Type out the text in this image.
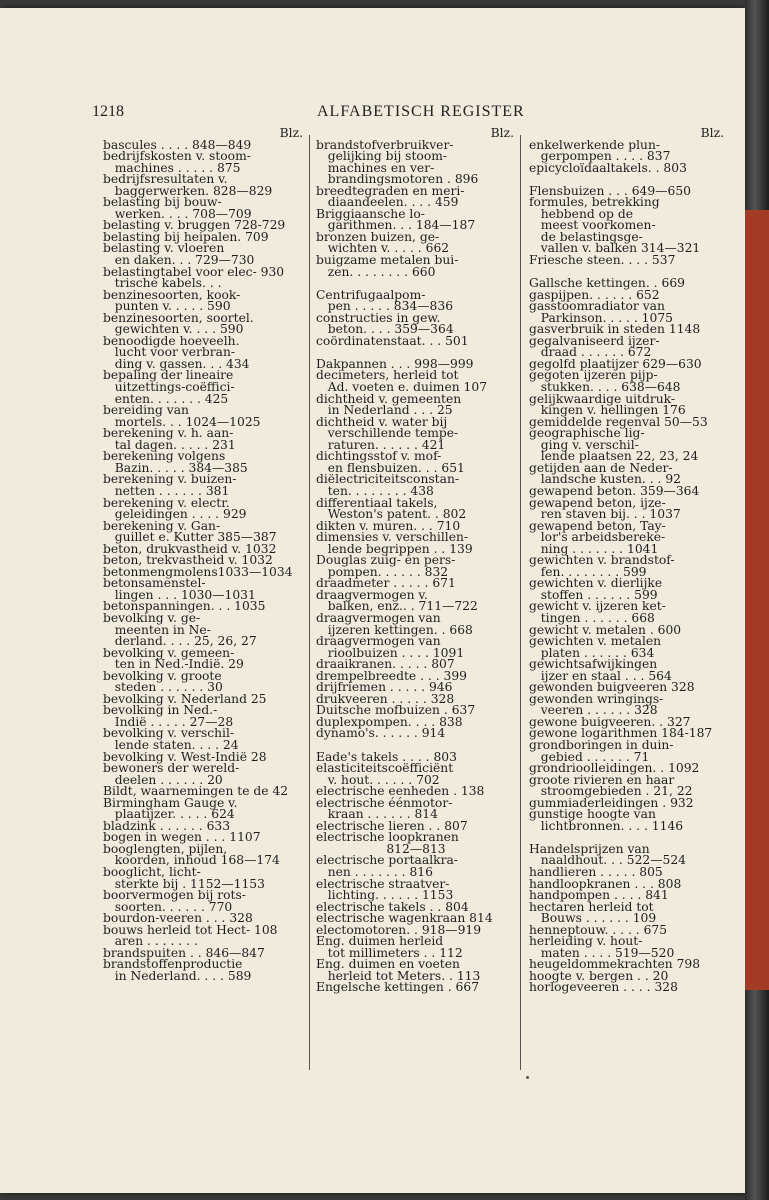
1218	ALFABETISCH REGISTER
Blz.
bascules . . . . 848—849
bedrijfskosten v. stoom-
machines . . . . . 875
bedrijfsresultaten v.
baggerwerken. 828—829
belasting bij bouw-
werken. . . . 708—709
belasting v. bruggen 728-729
belasting bij heipalen. 709
belasting v. vloeren
en daken. . . 729—730
belastingtabel voor elec- 930
trische kabels. . .
benzinesoorten, kook-
punten v. . . . . 590
benzinesoorten, soortel.
gewichten v. . . . 590
benoodigde hoeveelh.
lucht voor verbran-
ding v. gassen. . . 434
bepaling der lineaire
uitzettings-coëffici-
enten. . . . . . . 425
bereiding van
mortels. . . 1024—1025
berekening v. h. aan-
tal dagen. . . . . 231
berekening volgens
Bazin. . . . . 384—385
berekening v. buizen-
netten . . . . . . 381
berekening v. electr.
geleidingen . . . . 929
berekening v. Gan-
guillet e. Kutter 385—387
beton, drukvastheid v. 1032
beton, trekvastheid v. 1032
betonmengmolens1033—1034
betonsamenstel-
lingen . . . 1030—1031
betonspanningen. . . 1035
bevolking v. ge-
meenten in Ne-
derland. . . . 25, 26, 27
bevolking v. gemeen-
ten in Ned.-Indië. 29
bevolking v. groote
steden . . . . . . 30
bevolking v. Nederland 25
bevolking in Ned.-
Indië . . . . . 27—28
bevolking v. verschil-
lende staten. . . . 24
bevolking v. West-Indië 28
bewoners der wereld-
deelen . . . . . . 20
Bildt, waarnemingen te de 42
Birmingham Gauge v.
plaatijzer. . . . . 624
bladzink . . . . . . 633
bogen in wegen . . . 1107
booglengten, pijlen,
koorden, inhoud 168—174
booglicht, licht-
sterkte bij . 1152—1153
boorvermogen bij rots-
soorten. . . . . . 770
bourdon-veeren . . . 328
bouws herleid tot Hect- 108
aren . . . . . . .
brandspuiten . . 846—847
brandstoffenproductie
in Nederland. . . . 589
Blz.
brandstofverbruikver-
gelijking bij stoom-
machines en ver-
brandingsmotoren . 896
breedtegraden en meri-
diaandeelen. . . . 459
Briggiaansche lo-
garithmen. . . 184—187
bronzen buizen, ge-
wichten v. . . . . 662
buigzame metalen bui-
zen. . . . . . . . 660
Centrifugaalpom-
pen . . . . . 834—836
constructies in gew.
beton. . . . 359—364
coördinatenstaat. . . 501
Dakpannen . . . 998—999
decimeters, herleid tot
Ad. voeten e. duimen 107
dichtheid v. gemeenten
in Nederland . . . 25
dichtheid v. water bij
verschillende tempe-
raturen. . . . . . 421
dichtingsstof v. mof-
en flensbuizen. . . 651
diëlectriciteitsconstan-
ten. . . . . . . . 438
differentiaal takels,
Weston's patent. . 802
dikten v. muren. . . 710
dimensies v. verschillen-
lende begrippen . . 139
Douglas zuig- en pers-
pompen. . . . . . 832
draadmeter . . . . . 671
draagvermogen v.
balken, enz.. . 711—722
draagvermogen van
ijzeren kettingen. . 668
draagvermogen van
rioolbuizen . . . . 1091
draaikranen. . . . . 807
drempelbreedte . . . 399
drijfriemen . . . . . 946
drukveeren . . . . . 328
Duitsche mofbuizen . 637
duplexpompen. . . . 838
dynamo's. . . . . . 914
Eade's takels . . . . 803
elasticiteitscoëfficiënt
v. hout. . . . . . 702
electrische eenheden . 138
electrische éénmotor-
kraan . . . . . . 814
electrische lieren . . 807
electrische loopkranen
812—813
electrische portaalkra-
nen . . . . . . . 816
electrische straatver-
lichting. . . . . . 1153
electrische takels . . 804
electrische wagenkraan 814
electomotoren. . 918—919
Eng. duimen herleid
tot millimeters . . 112
Eng. duimen en voeten
herleid tot Meters. . 113
Engelsche kettingen . 667
Blz.
enkelwerkende plun-
gerpompen . . . . 837
epicycloïdaaltakels. . 803
Flensbuizen . . . 649—650
formules, betrekking
hebbend op de
meest voorkomen-
de belastingsge-
vallen v. balken 314—321
Friesche steen. . . . 537
Gallsche kettingen. . 669
gaspijpen. . . . . . 652
gasstoomradiator van
Parkinson. . . . . 1075
gasverbruik in steden 1148
gegalvaniseerd ijzer-
draad . . . . . . 672
gegolfd plaatijzer 629—630
gegoten ijzeren pijp-
stukken. . . . 638—648
gelijkwaardige uitdruk-
kingen v. hellingen 176
gemiddelde regenval 50—53
geographische lig-
ging v. verschil-
lende plaatsen 22, 23, 24
getijden aan de Neder-
landsche kusten. . . 92
gewapend beton. 359—364
gewapend beton, ijze-
ren staven bij. . . 1037
gewapend beton, Tay-
lor's arbeidsbereke-
ning . . . . . . . 1041
gewichten v. brandstof-
fen. . . . . . . . 599
gewichten v. dierlijke
stoffen . . . . . . 599
gewicht v. ijzeren ket-
tingen . . . . . . 668
gewicht v. metalen . 600
gewichten v. metalen
platen . . . . . . 634
gewichtsafwijkingen
ijzer en staal . . . 564
gewonden buigveeren 328
gewonden wringings-
veeren . . . . . . 328
gewone buigveeren. . 327
gewone logarithmen 184-187
grondboringen in duin-
gebied . . . . . . 71
grondrioolleidingen. . 1092
groote rivieren en haar
stroomgebieden . 21, 22
gummiaderleidingen . 932
gunstige hoogte van
lichtbronnen. . . . 1146
Handelsprijzen van
naaldhout. . . 522—524
handlieren . . . . . 805
handloopkranen . . . 808
handpompen . . . . 841
hectaren herleid tot
Bouws . . . . . . 109
henneptouw. . . . . 675
herleiding v. hout-
maten . . . . 519—520
heugeldommekrachten 798
hoogte v. bergen . . 20
horlogeveeren . . . . 328
